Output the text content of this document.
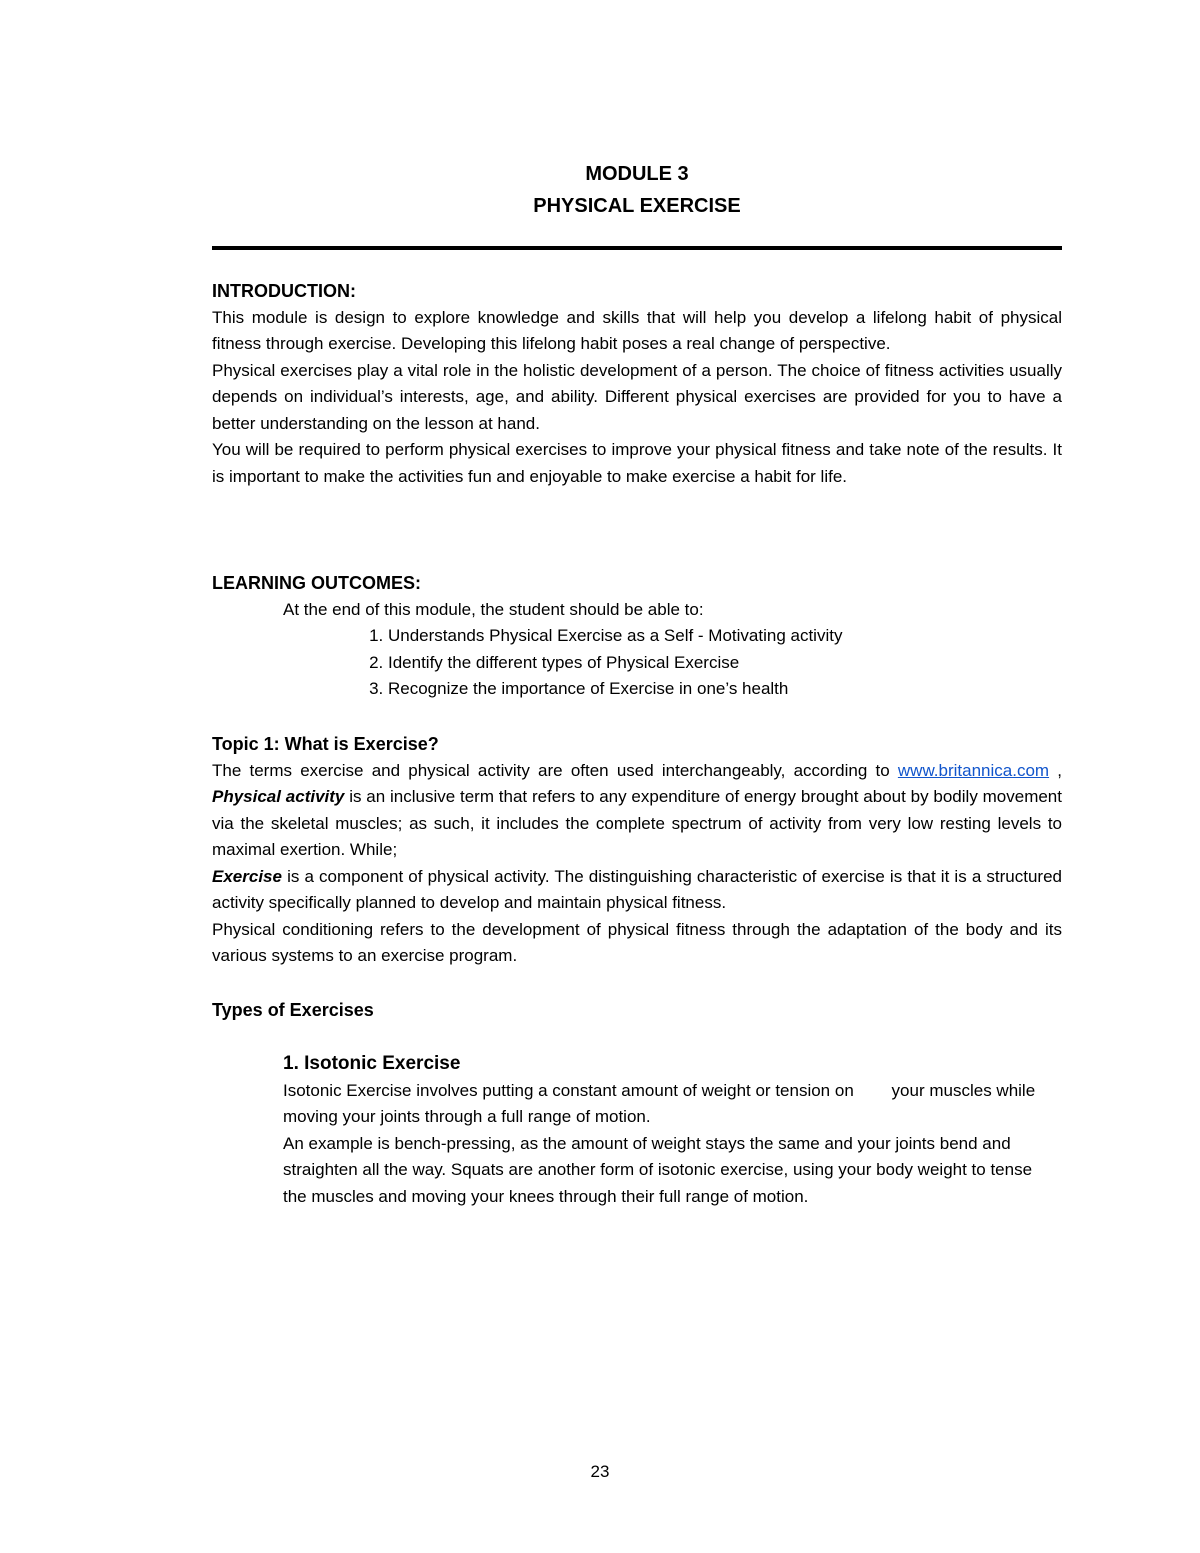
MODULE 3
PHYSICAL EXERCISE
INTRODUCTION:

This module is design to explore knowledge and skills that will help you develop a lifelong habit of physical fitness through exercise. Developing this lifelong habit poses a real change of perspective.

Physical exercises play a vital role in the holistic development of a person. The choice of fitness activities usually depends on individual’s interests, age, and ability. Different physical exercises are provided for you to have a better understanding on the lesson at hand.

You will be required to perform physical exercises to improve your physical fitness and take note of the results. It is important to make the activities fun and enjoyable to make exercise a habit for life.

LEARNING OUTCOMES:

At the end of this module, the student should be able to:

1. Understands Physical Exercise as a Self - Motivating activity
2. Identify the different types of Physical Exercise
3. Recognize the importance of Exercise in one’s health
Topic 1: What is Exercise?

The terms exercise and physical activity are often used interchangeably, according to www.britannica.com , Physical activity is an inclusive term that refers to any expenditure of energy brought about by bodily movement via the skeletal muscles; as such, it includes the complete spectrum of activity from very low resting levels to maximal exertion. While;

Exercise is a component of physical activity. The distinguishing characteristic of exercise is that it is a structured activity specifically planned to develop and maintain physical fitness.

Physical conditioning refers to the development of physical fitness through the adaptation of the body and its various systems to an exercise program.

Types of Exercises
1. Isotonic Exercise

Isotonic Exercise involves putting a constant amount of weight or tension on        your muscles while moving your joints through a full range of motion.

An example is bench-pressing, as the amount of weight stays the same and your joints bend and straighten all the way. Squats are another form of isotonic exercise, using your body weight to tense the muscles and moving your knees through their full range of motion.

23
